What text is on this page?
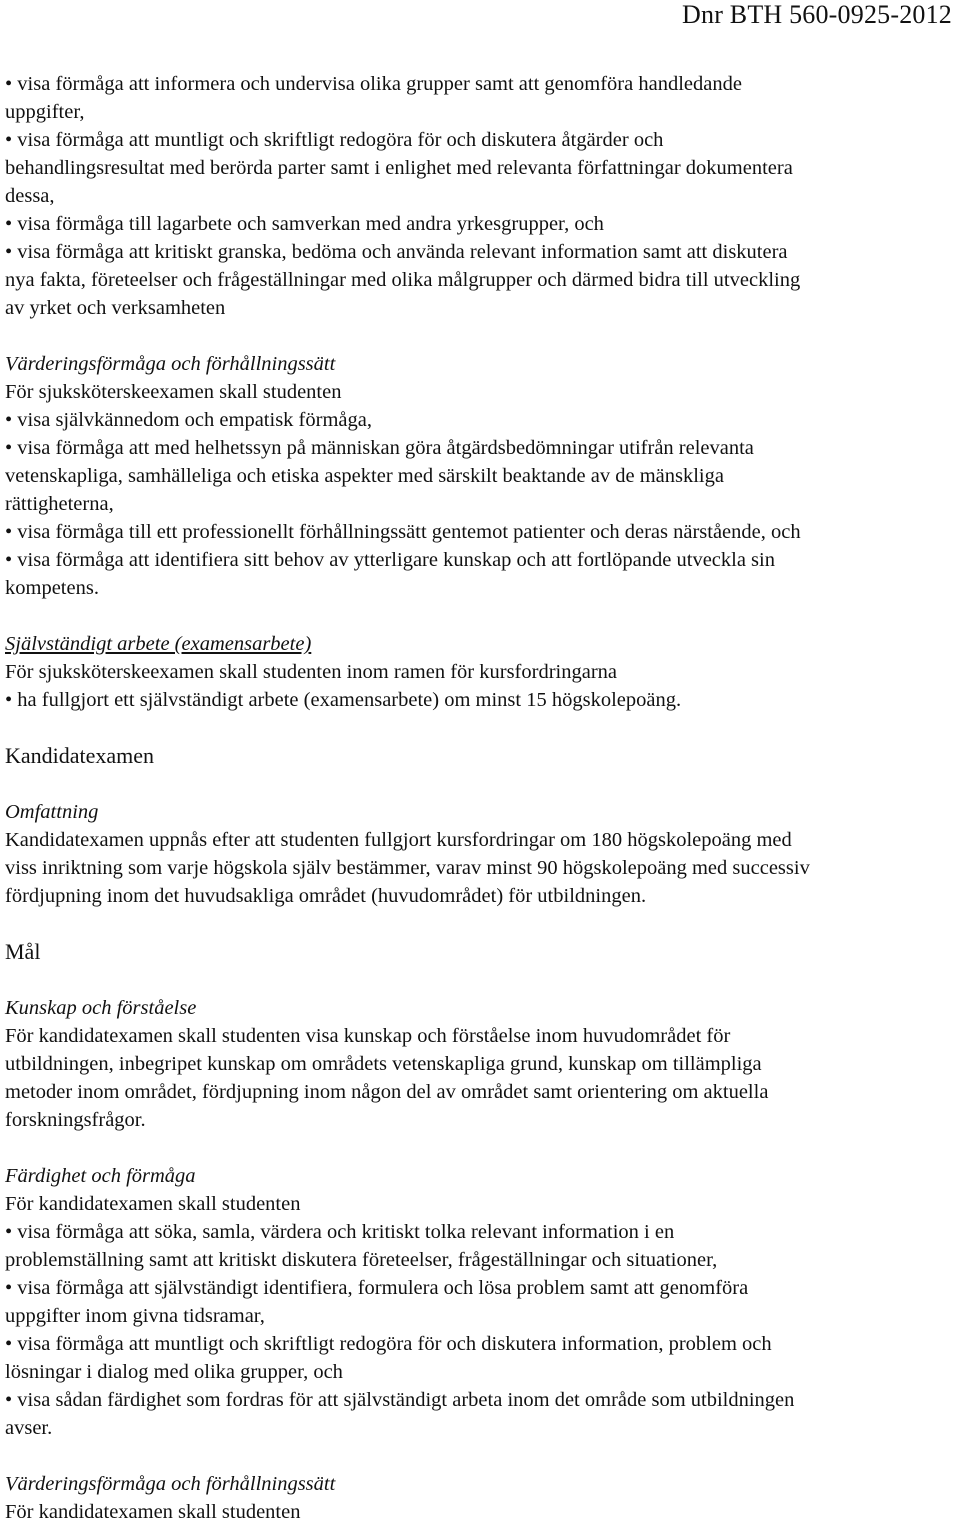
Dnr BTH 560-0925-2012
• visa förmåga att informera och undervisa olika grupper samt att genomföra handledande
uppgifter,
• visa förmåga att muntligt och skriftligt redogöra för och diskutera åtgärder och
behandlingsresultat med berörda parter samt i enlighet med relevanta författningar dokumentera
dessa,
• visa förmåga till lagarbete och samverkan med andra yrkesgrupper, och
• visa förmåga att kritiskt granska, bedöma och använda relevant information samt att diskutera
nya fakta, företeelser och frågeställningar med olika målgrupper och därmed bidra till utveckling
av yrket och verksamheten
Värderingsförmåga och förhållningssätt
För sjuksköterskeexamen skall studenten
• visa självkännedom och empatisk förmåga,
• visa förmåga att med helhetssyn på människan göra åtgärdsbedömningar utifrån relevanta
vetenskapliga, samhälleliga och etiska aspekter med särskilt beaktande av de mänskliga
rättigheterna,
• visa förmåga till ett professionellt förhållningssätt gentemot patienter och deras närstående, och
• visa förmåga att identifiera sitt behov av ytterligare kunskap och att fortlöpande utveckla sin
kompetens.
Självständigt arbete (examensarbete)
För sjuksköterskeexamen skall studenten inom ramen för kursfordringarna
• ha fullgjort ett självständigt arbete (examensarbete) om minst 15 högskolepoäng.
Kandidatexamen
Omfattning
Kandidatexamen uppnås efter att studenten fullgjort kursfordringar om 180 högskolepoäng med
viss inriktning som varje högskola själv bestämmer, varav minst 90 högskolepoäng med successiv
fördjupning inom det huvudsakliga området (huvudområdet) för utbildningen.
Mål
Kunskap och förståelse
För kandidatexamen skall studenten visa kunskap och förståelse inom huvudområdet för
utbildningen, inbegripet kunskap om områdets vetenskapliga grund, kunskap om tillämpliga
metoder inom området, fördjupning inom någon del av området samt orientering om aktuella
forskningsfrågor.
Färdighet och förmåga
För kandidatexamen skall studenten
• visa förmåga att söka, samla, värdera och kritiskt tolka relevant information i en
problemställning samt att kritiskt diskutera företeelser, frågeställningar och situationer,
• visa förmåga att självständigt identifiera, formulera och lösa problem samt att genomföra
uppgifter inom givna tidsramar,
• visa förmåga att muntligt och skriftligt redogöra för och diskutera information, problem och
lösningar i dialog med olika grupper, och
• visa sådan färdighet som fordras för att självständigt arbeta inom det område som utbildningen
avser.
Värderingsförmåga och förhållningssätt
För kandidatexamen skall studenten
